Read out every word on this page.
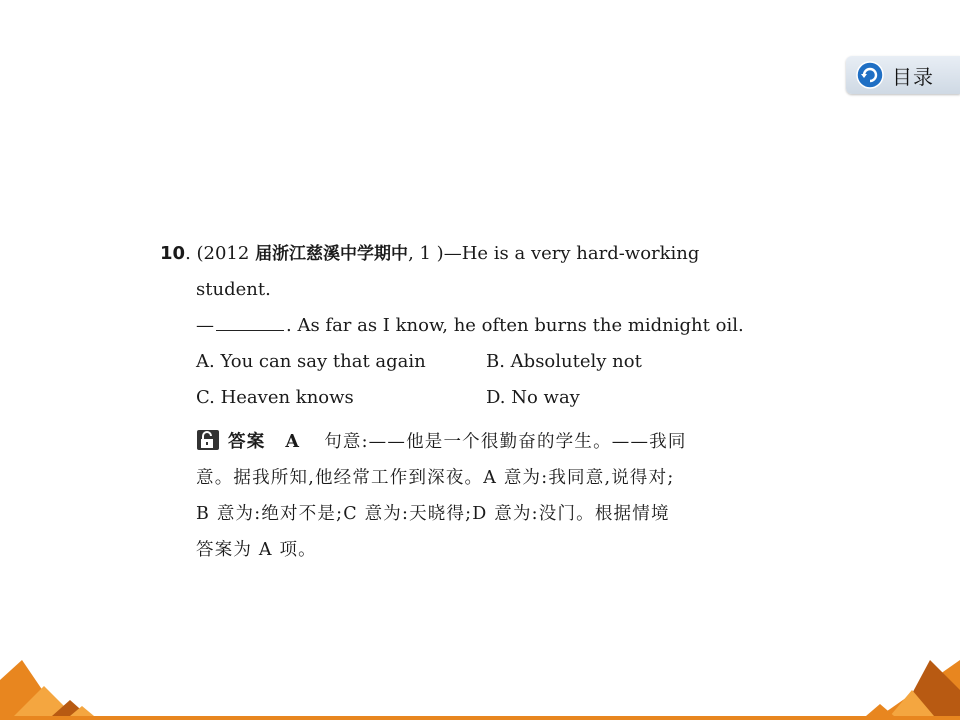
目录
10. (2012 届浙江慈溪中学期中, 1 )—He is a very hard-working
student.
—	. As far as I know, he often burns the midnight oil.
A. You can say that again	B. Absolutely not
C. Heaven knows	D. No way
答案 A 句意:——他是一个很勤奋的学生。——我同
意。据我所知,他经常工作到深夜。A 意为:我同意,说得对;
B 意为:绝对不是;C 意为:天晓得;D 意为:没门。根据情境
答案为 A 项。
